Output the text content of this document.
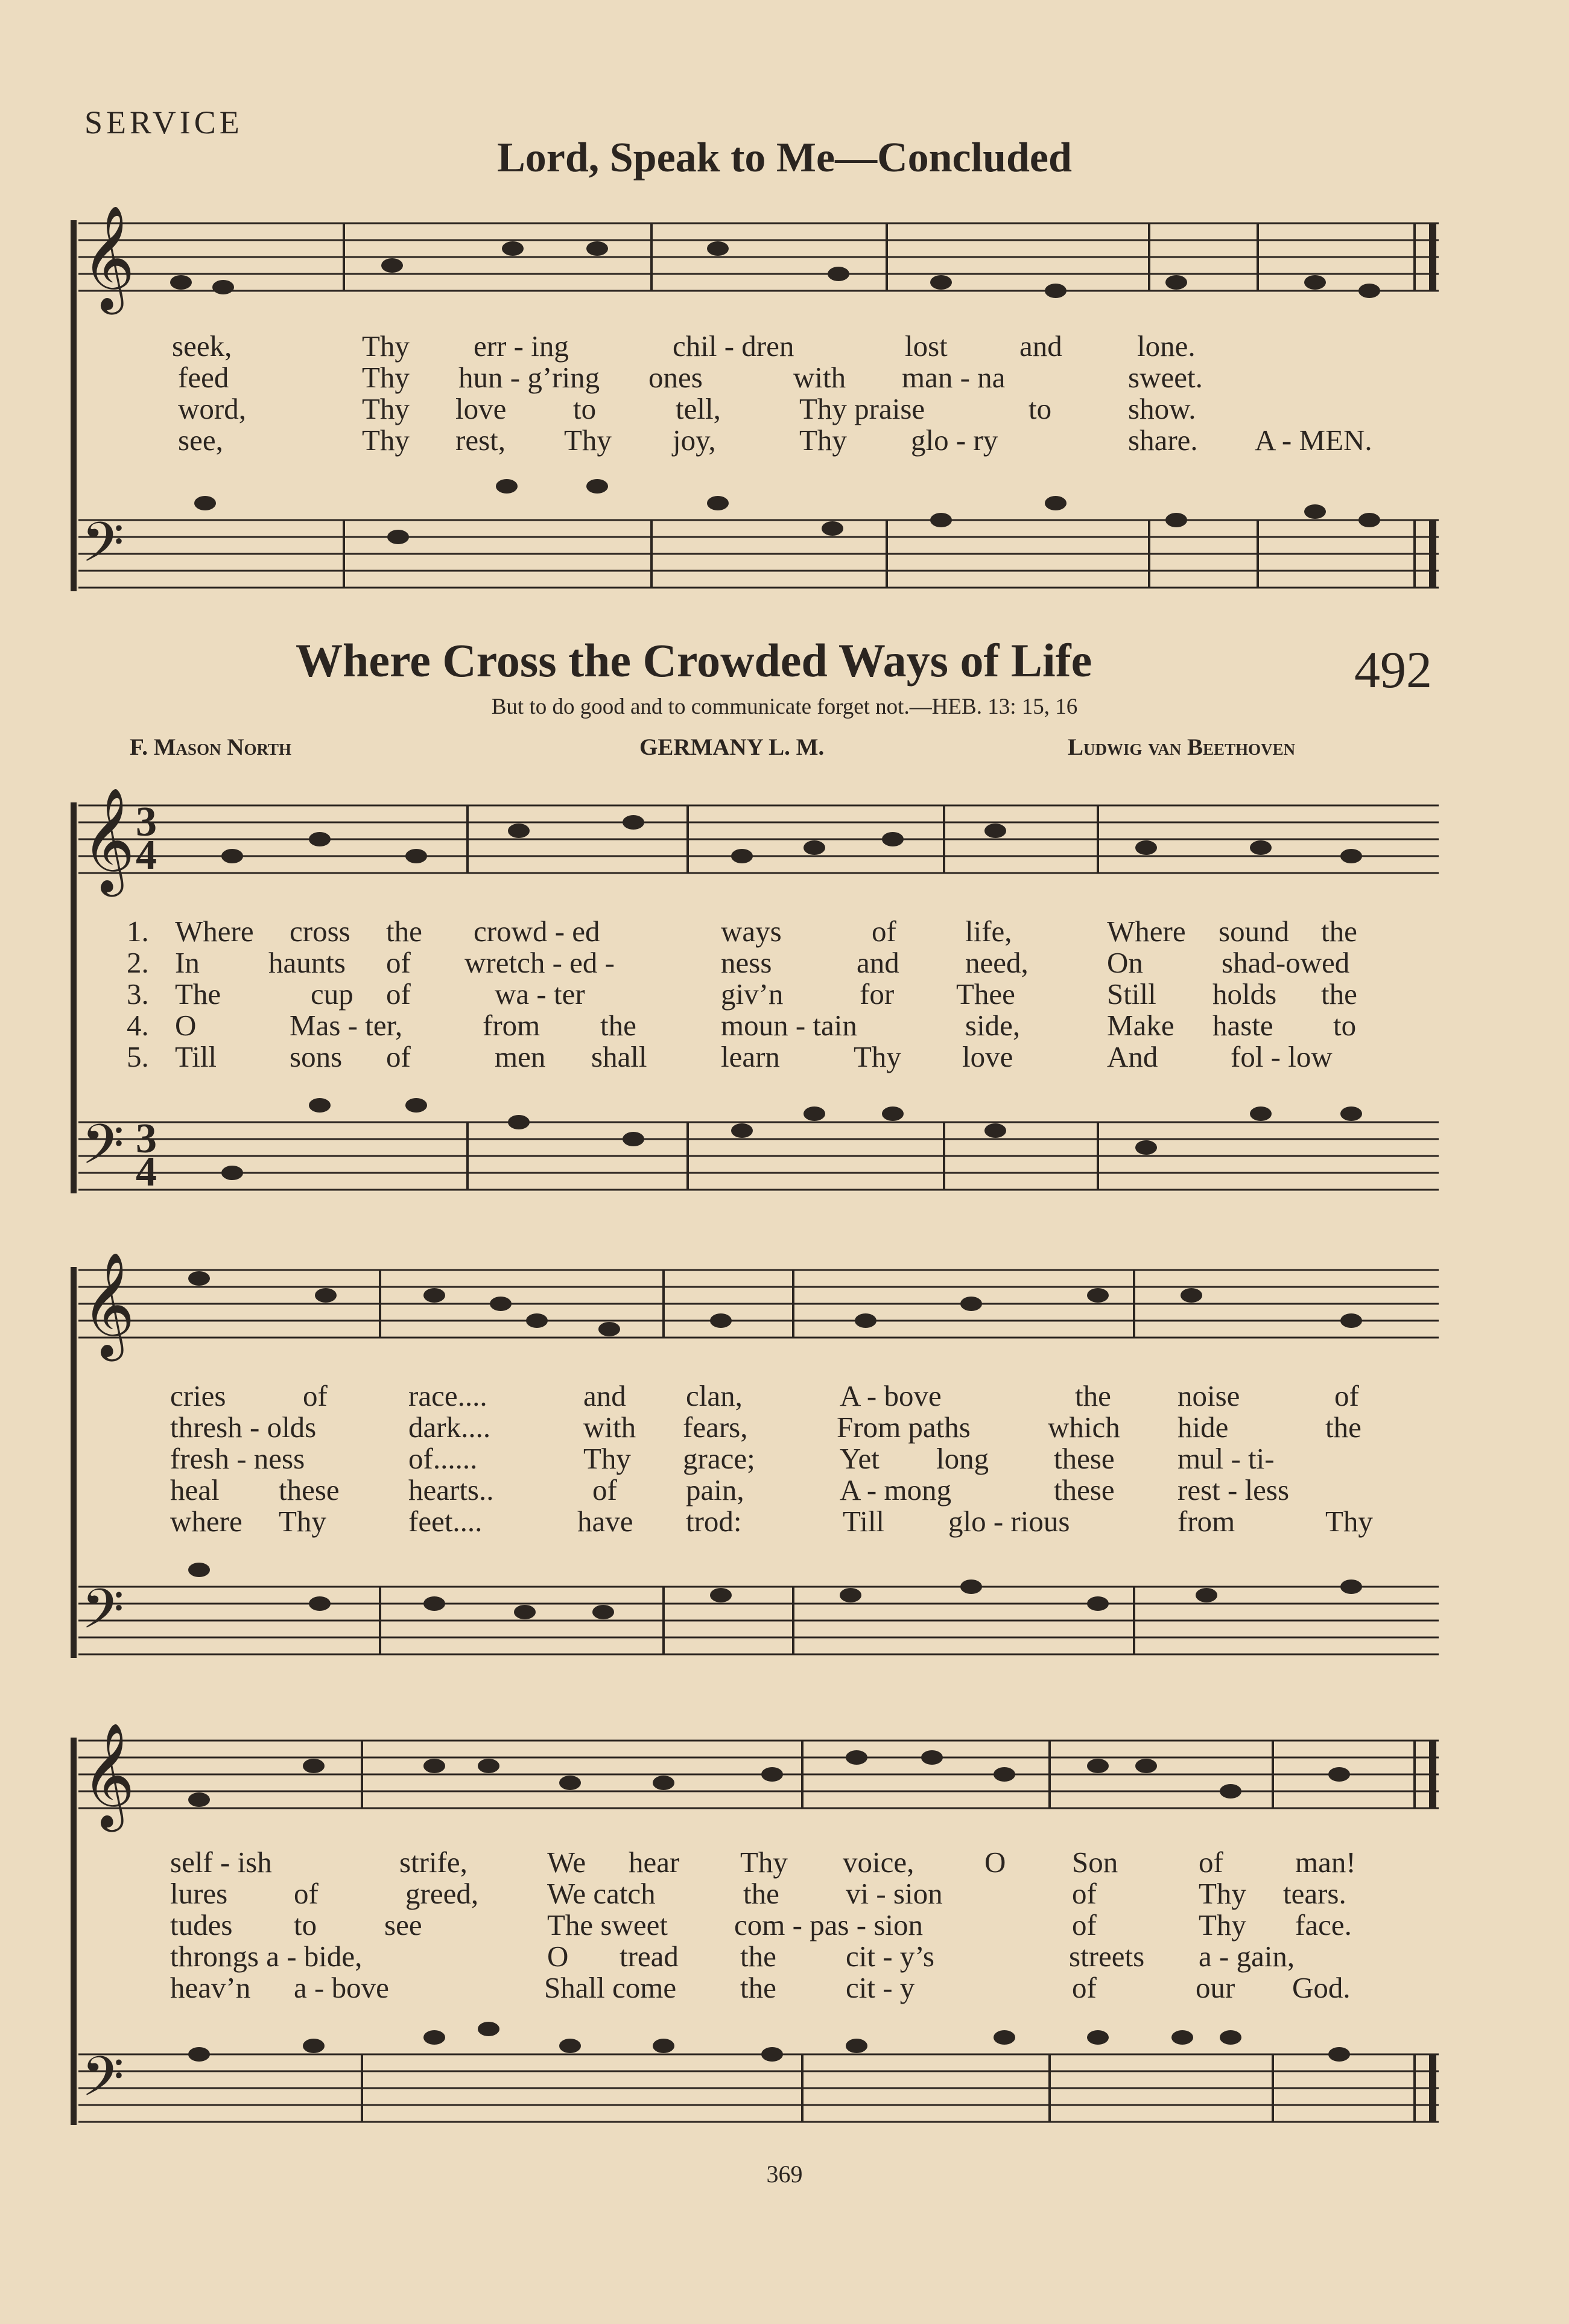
𝄞
𝄢
𝄞
𝄢
𝄞
𝄢
𝄞
𝄢
3
4
3
4
SERVICE
Lord, Speak to Me—Concluded
seek,	Thy err - ing	chil - dren	lost and	lone.
feed	Thy hun - g’ring ones	with man - na	sweet.
word,	Thy love to	tell,	Thy praise	to	show.
see,	Thy rest, Thy joy,	Thy glo - ry	share. A - MEN.
Where Cross the Crowded Ways of Life	492
But to do good and to communicate forget not.—HEB. 13: 15, 16
F. Mason North	GERMANY L. M.	Ludwig van Beethoven
1. Where cross the crowd - ed	ways	of life,	Where sound the
2. In haunts of wretch - ed -	ness	and need,	On	shad-owed
3. The	cup of	wa - ter	giv’n	for Thee	Still holds the
4. O	Mas - ter,	from the	moun - tain	side,	Make haste to
5. Till sons of	men shall learn Thy love	And fol - low
cries	of	race....	and clan,	A - bove	the noise	of
thresh - olds	dark....	with fears,	From paths	which hide	the
fresh - ness	of......	Thy grace;	Yet long these mul - ti-
heal these hearts..	of pain,	A - mong	these rest - less
where Thy	feet....	have trod:	Till glo - rious	from	Thy
self - ish	strife,	We hear Thy voice, O Son	of man!
lures of	greed, We catch	the vi - sion	of	Thy tears.
tudes to see	The sweet com - pas - sion	of	Thy face.
throngs a - bide,	O tread the cit - y’s	streets a - gain,
heav’n a - bove	Shall come the cit - y	of	our God.
369
